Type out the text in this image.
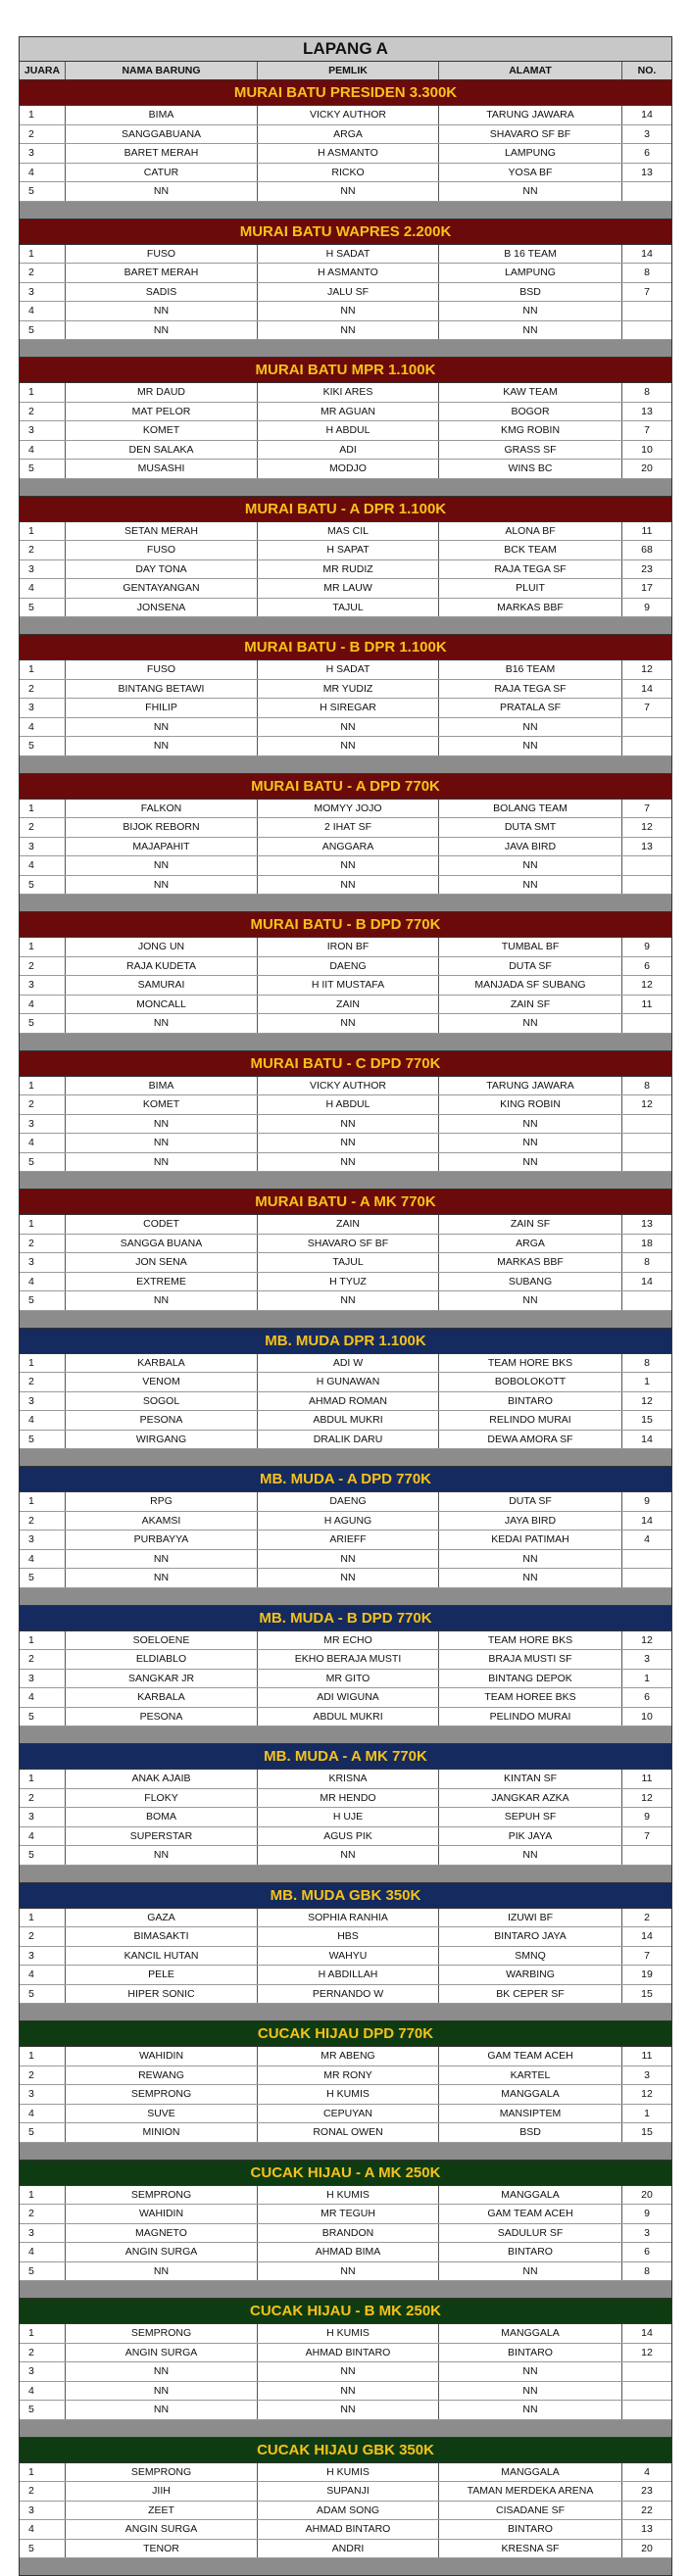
LAPANG A
JUARA	NAMA BARUNG	PEMLIK	ALAMAT	NO.
MURAI BATU PRESIDEN 3.300K
1	BIMA	VICKY AUTHOR	TARUNG JAWARA	14
2	SANGGABUANA	ARGA	SHAVARO SF BF	3
3	BARET MERAH	H ASMANTO	LAMPUNG	6
4	CATUR	RICKO	YOSA BF	13
5	NN	NN	NN
MURAI BATU WAPRES 2.200K
1	FUSO	H SADAT	B 16 TEAM	14
2	BARET MERAH	H ASMANTO	LAMPUNG	8
3	SADIS	JALU SF	BSD	7
4	NN	NN	NN
5	NN	NN	NN
MURAI BATU MPR 1.100K
1	MR DAUD	KIKI ARES	KAW TEAM	8
2	MAT PELOR	MR AGUAN	BOGOR	13
3	KOMET	H ABDUL	KMG ROBIN	7
4	DEN SALAKA	ADI	GRASS SF	10
5	MUSASHI	MODJO	WINS BC	20
MURAI BATU - A DPR 1.100K
1	SETAN MERAH	MAS CIL	ALONA BF	11
2	FUSO	H SAPAT	BCK TEAM	68
3	DAY TONA	MR RUDIZ	RAJA TEGA SF	23
4	GENTAYANGAN	MR LAUW	PLUIT	17
5	JONSENA	TAJUL	MARKAS BBF	9
MURAI BATU - B DPR 1.100K
1	FUSO	H SADAT	B16 TEAM	12
2	BINTANG BETAWI	MR YUDIZ	RAJA TEGA SF	14
3	FHILIP	H SIREGAR	PRATALA SF	7
4	NN	NN	NN
5	NN	NN	NN
MURAI BATU - A DPD 770K
1	FALKON	MOMYY JOJO	BOLANG TEAM	7
2	BIJOK REBORN	2 IHAT SF	DUTA SMT	12
3	MAJAPAHIT	ANGGARA	JAVA BIRD	13
4	NN	NN	NN
5	NN	NN	NN
MURAI BATU - B DPD 770K
1	JONG UN	IRON BF	TUMBAL BF	9
2	RAJA KUDETA	DAENG	DUTA SF	6
3	SAMURAI	H IIT MUSTAFA	MANJADA SF SUBANG	12
4	MONCALL	ZAIN	ZAIN SF	11
5	NN	NN	NN
MURAI BATU - C DPD 770K
1	BIMA	VICKY AUTHOR	TARUNG JAWARA	8
2	KOMET	H ABDUL	KING ROBIN	12
3	NN	NN	NN
4	NN	NN	NN
5	NN	NN	NN
MURAI BATU - A MK 770K
1	CODET	ZAIN	ZAIN SF	13
2	SANGGA BUANA	SHAVARO SF BF	ARGA	18
3	JON SENA	TAJUL	MARKAS BBF	8
4	EXTREME	H TYUZ	SUBANG	14
5	NN	NN	NN
MB. MUDA DPR 1.100K
1	KARBALA	ADI W	TEAM HORE BKS	8
2	VENOM	H GUNAWAN	BOBOLOKOTT	1
3	SOGOL	AHMAD ROMAN	BINTARO	12
4	PESONA	ABDUL MUKRI	RELINDO MURAI	15
5	WIRGANG	DRALIK DARU	DEWA AMORA SF	14
MB. MUDA - A DPD 770K
1	RPG	DAENG	DUTA SF	9
2	AKAMSI	H AGUNG	JAYA BIRD	14
3	PURBAYYA	ARIEFF	KEDAI PATIMAH	4
4	NN	NN	NN
5	NN	NN	NN
MB. MUDA - B DPD 770K
1	SOELOENE	MR ECHO	TEAM HORE BKS	12
2	ELDIABLO	EKHO BERAJA MUSTI	BRAJA MUSTI SF	3
3	SANGKAR JR	MR GITO	BINTANG DEPOK	1
4	KARBALA	ADI WIGUNA	TEAM HOREE BKS	6
5	PESONA	ABDUL MUKRI	PELINDO MURAI	10
MB. MUDA - A MK 770K
1	ANAK AJAIB	KRISNA	KINTAN SF	11
2	FLOKY	MR HENDO	JANGKAR AZKA	12
3	BOMA	H UJE	SEPUH SF	9
4	SUPERSTAR	AGUS PIK	PIK JAYA	7
5	NN	NN	NN
MB. MUDA GBK 350K
1	GAZA	SOPHIA RANHIA	IZUWI BF	2
2	BIMASAKTI	HBS	BINTARO JAYA	14
3	KANCIL HUTAN	WAHYU	SMNQ	7
4	PELE	H ABDILLAH	WARBING	19
5	HIPER SONIC	PERNANDO W	BK CEPER SF	15
CUCAK HIJAU DPD 770K
1	WAHIDIN	MR ABENG	GAM TEAM ACEH	11
2	REWANG	MR RONY	KARTEL	3
3	SEMPRONG	H KUMIS	MANGGALA	12
4	SUVE	CEPUYAN	MANSIPTEM	1
5	MINION	RONAL OWEN	BSD	15
CUCAK HIJAU - A MK 250K
1	SEMPRONG	H KUMIS	MANGGALA	20
2	WAHIDIN	MR TEGUH	GAM TEAM ACEH	9
3	MAGNETO	BRANDON	SADULUR SF	3
4	ANGIN SURGA	AHMAD BIMA	BINTARO	6
5	NN	NN	NN	8
CUCAK HIJAU - B MK 250K
1	SEMPRONG	H KUMIS	MANGGALA	14
2	ANGIN SURGA	AHMAD BINTARO	BINTARO	12
3	NN	NN	NN
4	NN	NN	NN
5	NN	NN	NN
CUCAK HIJAU GBK 350K
1	SEMPRONG	H KUMIS	MANGGALA	4
2	JIIH	SUPANJI	TAMAN MERDEKA ARENA	23
3	ZEET	ADAM SONG	CISADANE SF	22
4	ANGIN SURGA	AHMAD BINTARO	BINTARO	13
5	TENOR	ANDRI	KRESNA SF	20
